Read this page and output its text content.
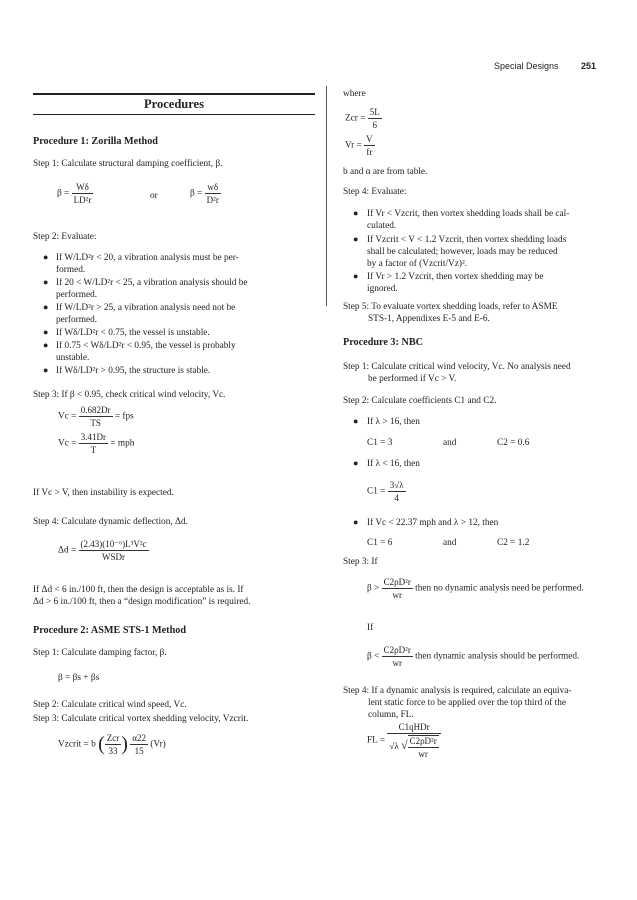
Special Designs 251
Procedures
Procedure 1: Zorilla Method
Step 1: Calculate structural damping coefficient, β.
$\beta = \frac{W\delta}{\text{LD²r}}$	or	$\beta = \frac{w\delta}{\text{D²r}}$
Step 2: Evaluate:
● If W/LD²r < 20, a vibration analysis must be per-
formed.
● If 20 < W/LD²r < 25, a vibration analysis should be
performed.
● If W/LD²r > 25, a vibration analysis need not be
performed.
● If Wδ/LD²r < 0.75, the vessel is unstable.
● If 0.75 < Wδ/LD²r < 0.95, the vessel is probably
unstable.
● If Wδ/LD²r > 0.95, the structure is stable.
Step 3: If β < 0.95, check critical wind velocity, Vc.
$Vc = \frac{0.682Dr}{TS}$ = fps
$Vc = \frac{3.41Dr}{T}$ = mph
If Vc > V, then instability is expected.
Step 4: Calculate dynamic deflection, Δd.
$\Delta d = \frac{\text{(2.43)(10⁻⁶)L³V²c}}{\text{WSDr}}$
If Δd < 6 in./100 ft, then the design is acceptable as is. If
Δd > 6 in./100 ft, then a “design modification” is required.
Procedure 2: ASME STS-1 Method
Step 1: Calculate damping factor, β.
β = βs + βs
Step 2: Calculate critical wind speed, Vc.
Step 3: Calculate critical vortex shedding velocity, Vzcrit.
Vzcrit = b ( $\frac{\text{Zcr}}{33}$ ) $\frac{\alpha 22}{15} (Vr)$
where
Zcr = $\frac{5L}{6}$
$Vr = \frac{V}{fr}$
b and α are from table.
Step 4: Evaluate:
● If Vr < Vzcrit, then vortex shedding loads shall be cal-
culated.
● If Vzcrit < V < 1.2 Vzcrit, then vortex shedding loads
shall be calculated; however, loads may be reduced
by a factor of (Vzcrit/Vz)².
● If Vr > 1.2 Vzcrit, then vortex shedding may be
ignored.
Step 5: To evaluate vortex shedding loads, refer to ASME
STS-1, Appendixes E-5 and E-6.
Procedure 3: NBC
Step 1: Calculate critical wind velocity, Vc. No analysis need
be performed if Vc > V.
Step 2: Calculate coefficients C1 and C2.
● If λ > 16, then
C1 = 3	and	C2 = 0.6
● If λ < 16, then
$C1 = \frac{3√\lambda}{4}$
● If Vc < 22.37 mph and λ > 12, then
C1 = 6	and	C2 = 1.2
Step 3: If
$\beta > \frac{\text{C2ρD²r}}{wr}$ then no dynamic analysis need be performed.
If
$\beta < \frac{\text{C2ρD²r}}{wr}$ then dynamic analysis should be performed.
Step 4: If a dynamic analysis is required, calculate an equiva-
lent static force to be applied over the top third of the
column, FL.
FL = $\frac{\text{C1qHDr}}{√\lambda √ \frac{\text{C2ρD²r}}{wr}}$
